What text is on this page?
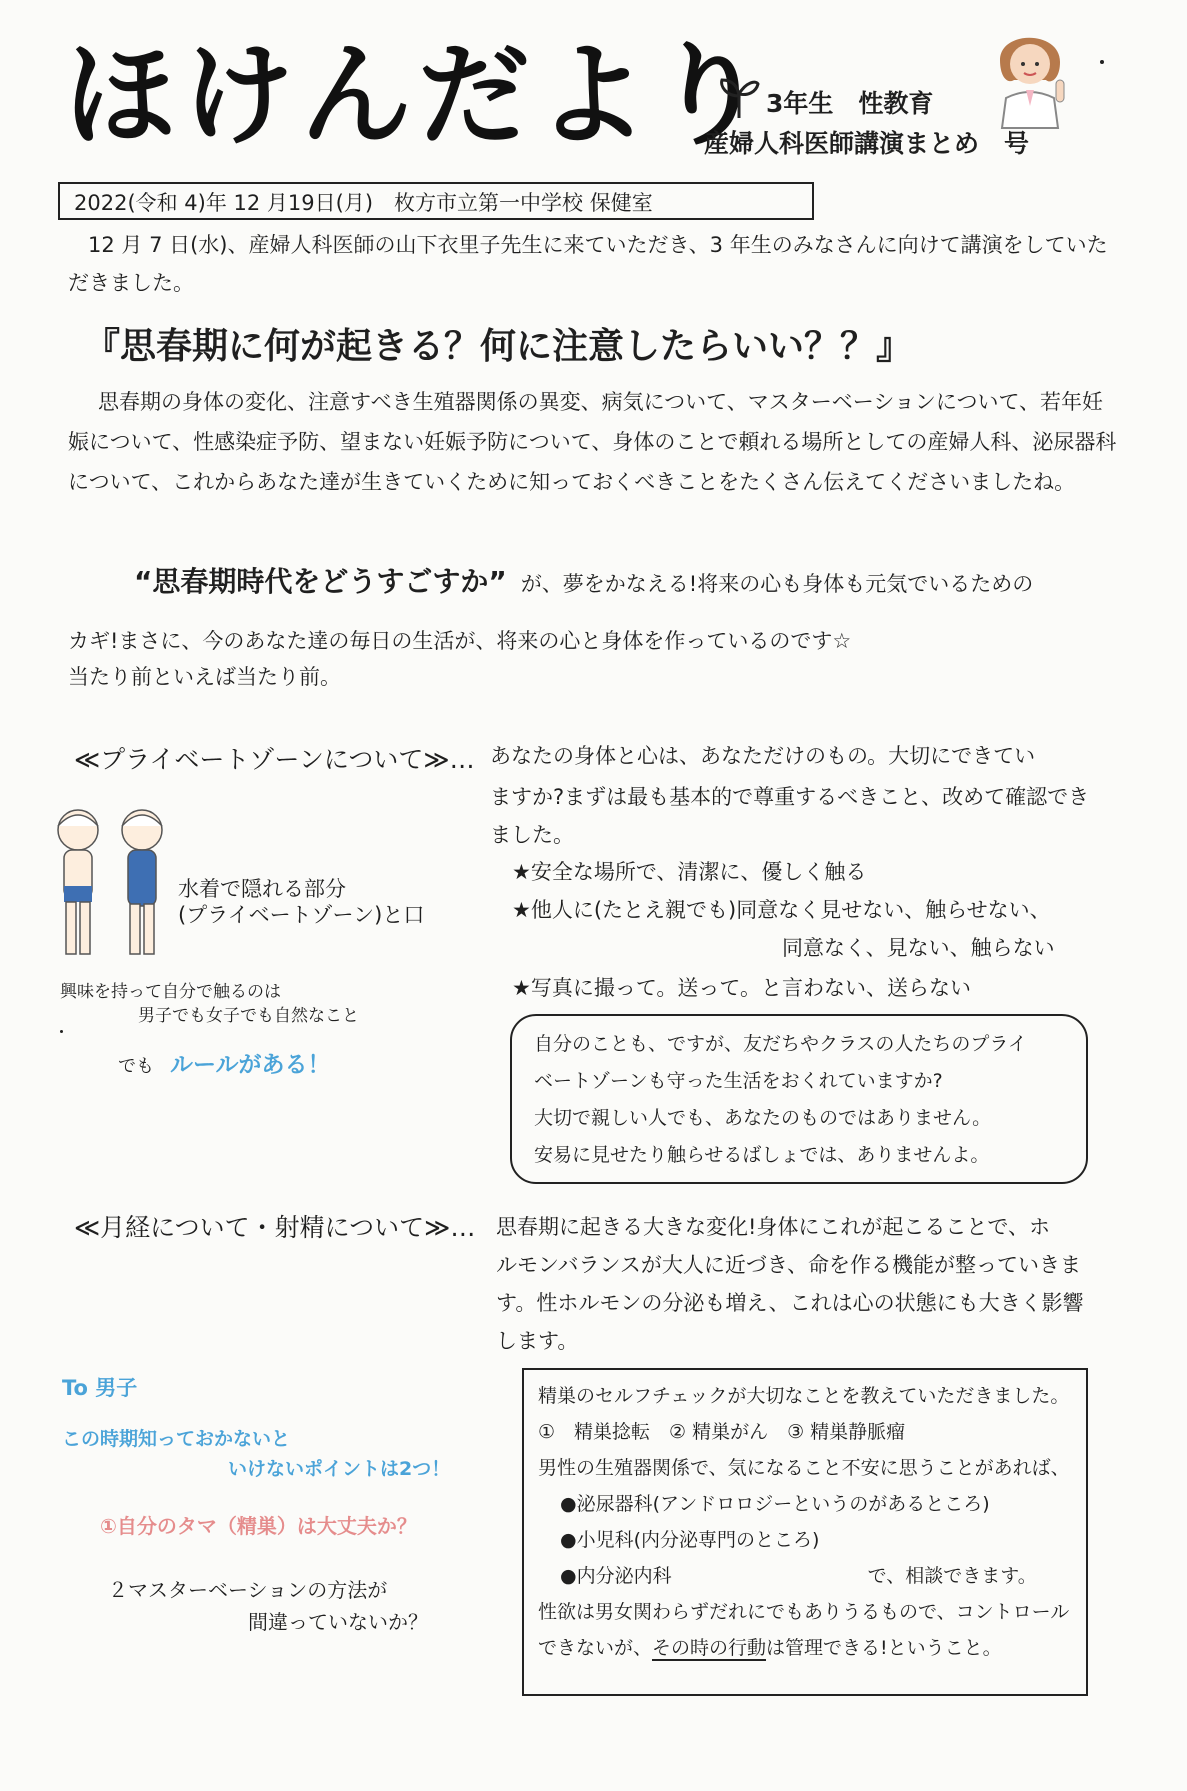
ほけんだより
3年生　性教育
産婦人科医師講演まとめ　号
2022(令和 4)年 12 月19日(月)　枚方市立第一中学校 保健室
12 月 7 日(水)、産婦人科医師の山下衣里子先生に来ていただき、3 年生のみなさんに向けて講演をしていただきました。
『思春期に何が起きる？何に注意したらいい？？』
思春期の身体の変化、注意すべき生殖器関係の異変、病気について、マスターベーションについて、若年妊娠について、性感染症予防、望まない妊娠予防について、身体のことで頼れる場所としての産婦人科、泌尿器科について、これからあなた達が生きていくために知っておくべきことをたくさん伝えてくださいましたね。
“思春期時代をどうすごすか” が、夢をかなえる!将来の心も身体も元気でいるための
カギ!まさに、今のあなた達の毎日の生活が、将来の心と身体を作っているのです☆
当たり前といえば当たり前。
≪プライベートゾーンについて≫… あなたの身体と心は、あなただけのもの。大切にできてい
ますか?まずは最も基本的で尊重するべきこと、改めて確認できました。
★安全な場所で、清潔に、優しく触る
★他人に(たとえ親でも)同意なく見せない、触らせない、
同意なく、見ない、触らない
★写真に撮って。送って。と言わない、送らない
水着で隠れる部分
(プライベートゾーン)と口
興味を持って自分で触るのは
男子でも女子でも自然なこと
でも ルールがある！
自分のことも、ですが、友だちやクラスの人たちのプライ
ベートゾーンも守った生活をおくれていますか?
大切で親しい人でも、あなたのものではありません。
安易に見せたり触らせるばしょでは、ありませんよ。
≪月経について・射精について≫… 思春期に起きる大きな変化!身体にこれが起こることで、ホ
ルモンバランスが大人に近づき、命を作る機能が整っていきます。性ホルモンの分泌も増え、これは心の状態にも大きく影響します。
To 男子
この時期知っておかないと
いけないポイントは2つ！
①自分のタマ（精巣）は大丈夫か？
２マスターベーションの方法が
間違っていないか？
精巣のセルフチェックが大切なことを教えていただきました。
①　精巣捻転　② 精巣がん　③ 精巣静脈瘤
男性の生殖器関係で、気になること不安に思うことがあれば、
●泌尿器科(アンドロロジーというのがあるところ)
●小児科(内分泌専門のところ)
●内分泌内科	で、相談できます。
性欲は男女関わらずだれにでもありうるもので、コントロール
できないが、その時の行動は管理できる!ということ。
